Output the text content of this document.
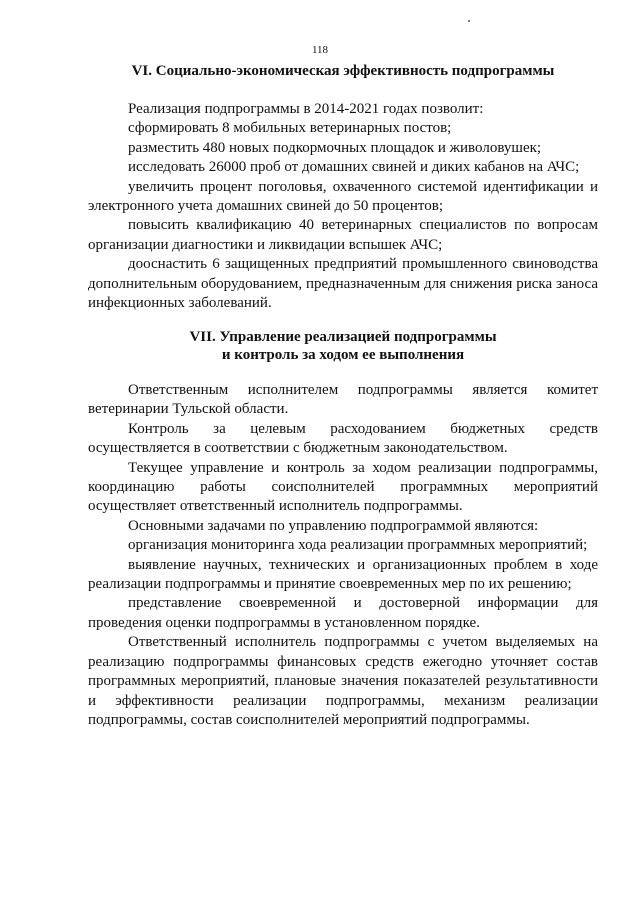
118
VI. Социально-экономическая эффективность подпрограммы

Реализация подпрограммы в 2014-2021 годах позволит:

сформировать 8 мобильных ветеринарных постов;

разместить 480 новых подкормочных площадок и живоловушек;

исследовать 26000 проб от домашних свиней и диких кабанов на АЧС;

увеличить процент поголовья, охваченного системой идентификации и электронного учета домашних свиней до 50 процентов;

повысить квалификацию 40 ветеринарных специалистов по вопросам организации диагностики и ликвидации вспышек АЧС;

дооснастить 6 защищенных предприятий промышленного свиноводства дополнительным оборудованием, предназначенным для снижения риска заноса инфекционных заболеваний.

VII. Управление реализацией подпрограммы
и контроль за ходом ее выполнения

Ответственным исполнителем подпрограммы является комитет ветеринарии Тульской области.

Контроль за целевым расходованием бюджетных средств осуществляется в соответствии с бюджетным законодательством.

Текущее управление и контроль за ходом реализации подпрограммы, координацию работы соисполнителей программных мероприятий осуществляет ответственный исполнитель подпрограммы.

Основными задачами по управлению подпрограммой являются:

организация мониторинга хода реализации программных мероприятий;

выявление научных, технических и организационных проблем в ходе реализации подпрограммы и принятие своевременных мер по их решению;

представление своевременной и достоверной информации для проведения оценки подпрограммы в установленном порядке.

Ответственный исполнитель подпрограммы с учетом выделяемых на реализацию подпрограммы финансовых средств ежегодно уточняет состав программных мероприятий, плановые значения показателей результативности и эффективности реализации подпрограммы, механизм реализации подпрограммы, состав соисполнителей мероприятий подпрограммы.
